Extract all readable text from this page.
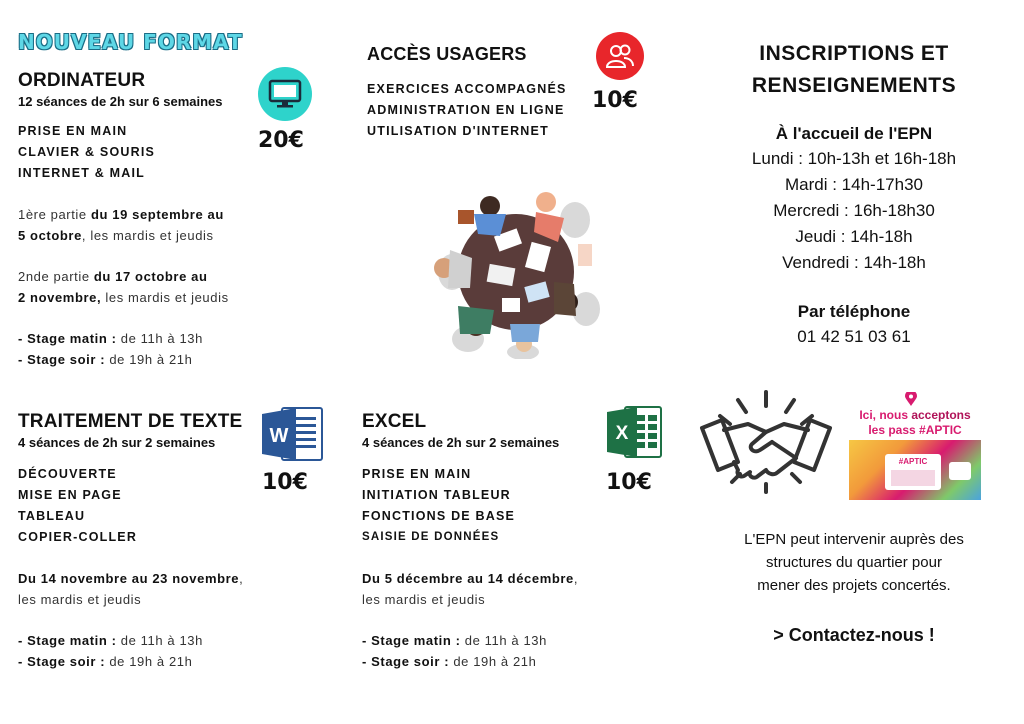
NOUVEAU FORMAT
ORDINATEUR
12 séances de 2h sur 6 semaines
PRISE EN MAIN
CLAVIER & SOURIS
INTERNET & MAIL
1ère partie du 19 septembre au
5 octobre, les mardis et jeudis
2nde partie du 17 octobre au
2 novembre, les mardis et jeudis
- Stage matin : de 11h à 13h
- Stage soir : de 19h à 21h
20€
ACCÈS USAGERS
EXERCICES ACCOMPAGNÉS
ADMINISTRATION EN LIGNE
UTILISATION D'INTERNET
10€
TRAITEMENT DE TEXTE
4 séances de 2h sur 2 semaines
DÉCOUVERTE
MISE EN PAGE
TABLEAU
COPIER-COLLER
Du 14 novembre au 23 novembre,
les mardis et jeudis
- Stage matin : de 11h à 13h
- Stage soir : de 19h à 21h
W
10€
EXCEL
4 séances de 2h sur 2 semaines
PRISE EN MAIN
INITIATION TABLEUR
FONCTIONS DE BASE
SAISIE DE DONNÉES
Du 5 décembre au 14 décembre,
les mardis et jeudis
- Stage matin : de 11h à 13h
- Stage soir : de 19h à 21h
X
10€
INSCRIPTIONS ET
RENSEIGNEMENTS
À l'accueil de l'EPN
Lundi : 10h-13h et 16h-18h
Mardi : 14h-17h30
Mercredi : 16h-18h30
Jeudi : 14h-18h
Vendredi : 14h-18h
Par téléphone
01 42 51 03 61
Ici, nous acceptons
les pass #APTIC
#APTIC
L'EPN peut intervenir auprès des
structures du quartier pour
mener des projets concertés.
> Contactez-nous !
